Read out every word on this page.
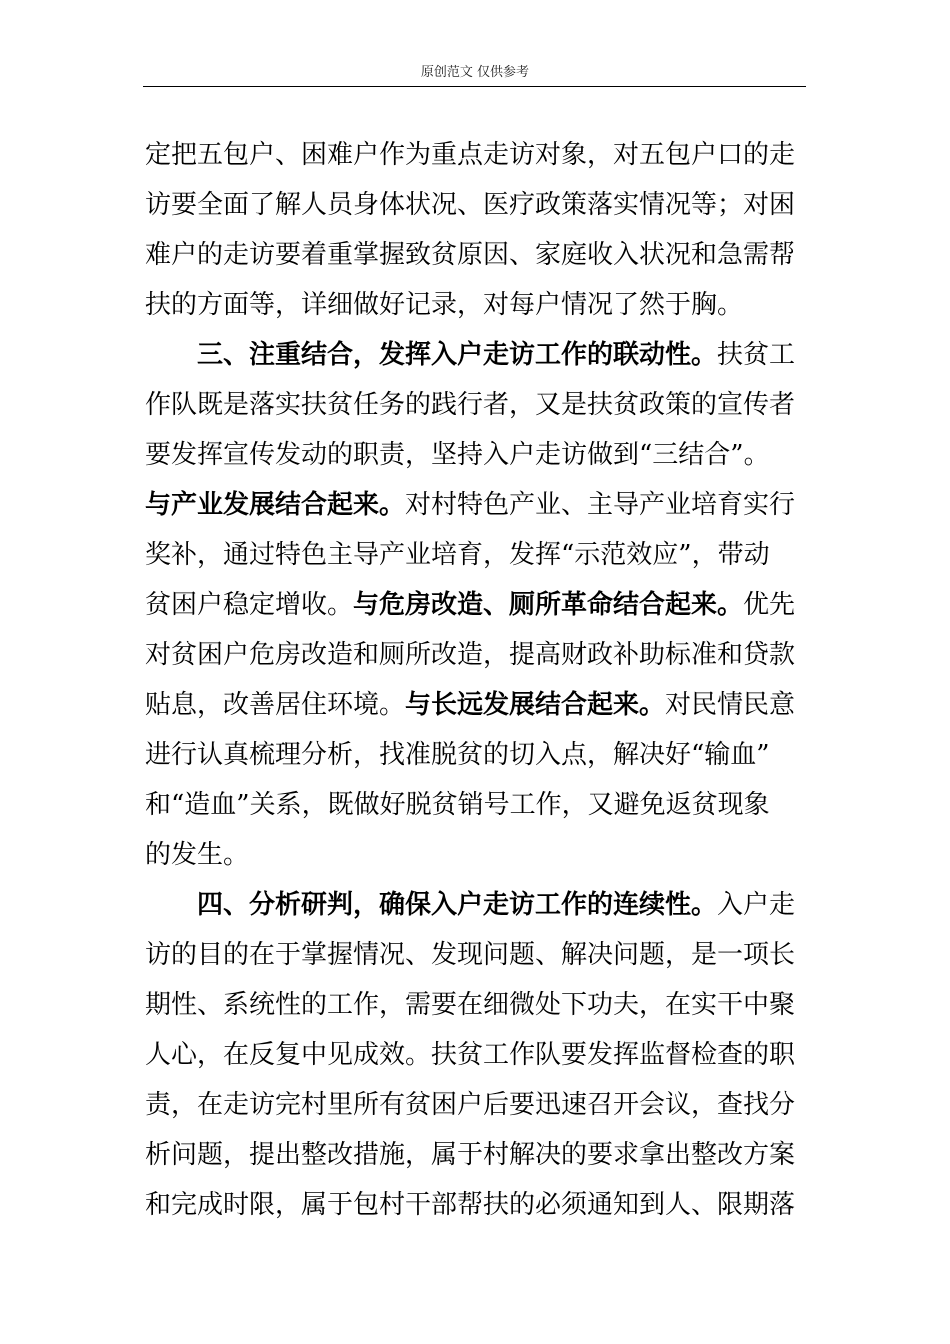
原创范文 仅供参考
定把五包户、困难户作为重点走访对象，对五包户口的走
访要全面了解人员身体状况、医疗政策落实情况等；对困
难户的走访要着重掌握致贫原因、家庭收入状况和急需帮
扶的方面等，详细做好记录，对每户情况了然于胸。
　　三、注重结合，发挥入户走访工作的联动性。扶贫工
作队既是落实扶贫任务的践行者，又是扶贫政策的宣传者
要发挥宣传发动的职责，坚持入户走访做到“三结合”。
与产业发展结合起来。对村特色产业、主导产业培育实行
奖补，通过特色主导产业培育，发挥“示范效应”，带动
贫困户稳定增收。与危房改造、厕所革命结合起来。优先
对贫困户危房改造和厕所改造，提高财政补助标准和贷款
贴息，改善居住环境。与长远发展结合起来。对民情民意
进行认真梳理分析，找准脱贫的切入点，解决好“输血”
和“造血”关系，既做好脱贫销号工作，又避免返贫现象
的发生。
　　四、分析研判，确保入户走访工作的连续性。入户走
访的目的在于掌握情况、发现问题、解决问题，是一项长
期性、系统性的工作，需要在细微处下功夫，在实干中聚
人心，在反复中见成效。扶贫工作队要发挥监督检查的职
责，在走访完村里所有贫困户后要迅速召开会议，查找分
析问题，提出整改措施，属于村解决的要求拿出整改方案
和完成时限，属于包村干部帮扶的必须通知到人、限期落
